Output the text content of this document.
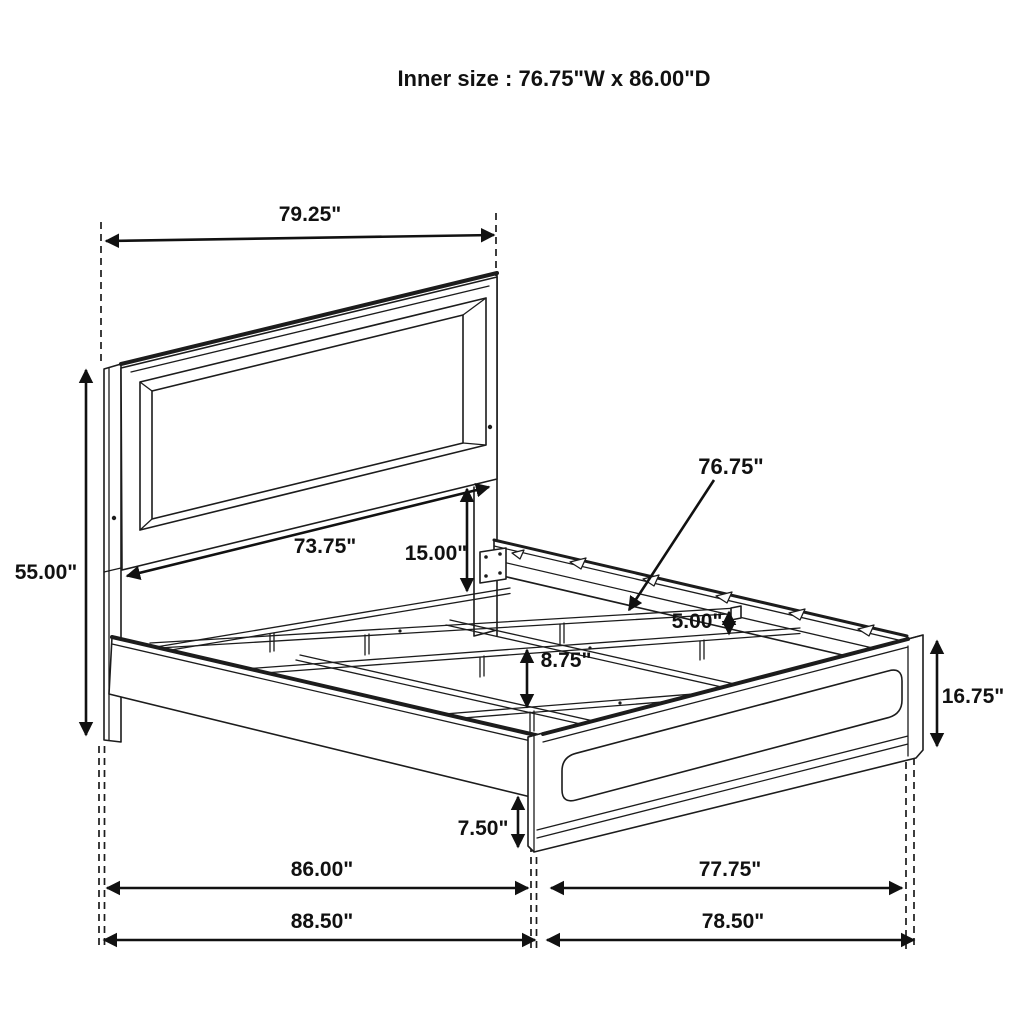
Inner size : 76.75"W x 86.00"D
79.25"
55.00"
73.75" 15.00"
76.75"
5.00"
8.75"
16.75"
7.50"
86.00"	77.75"
88.50"	78.50"
